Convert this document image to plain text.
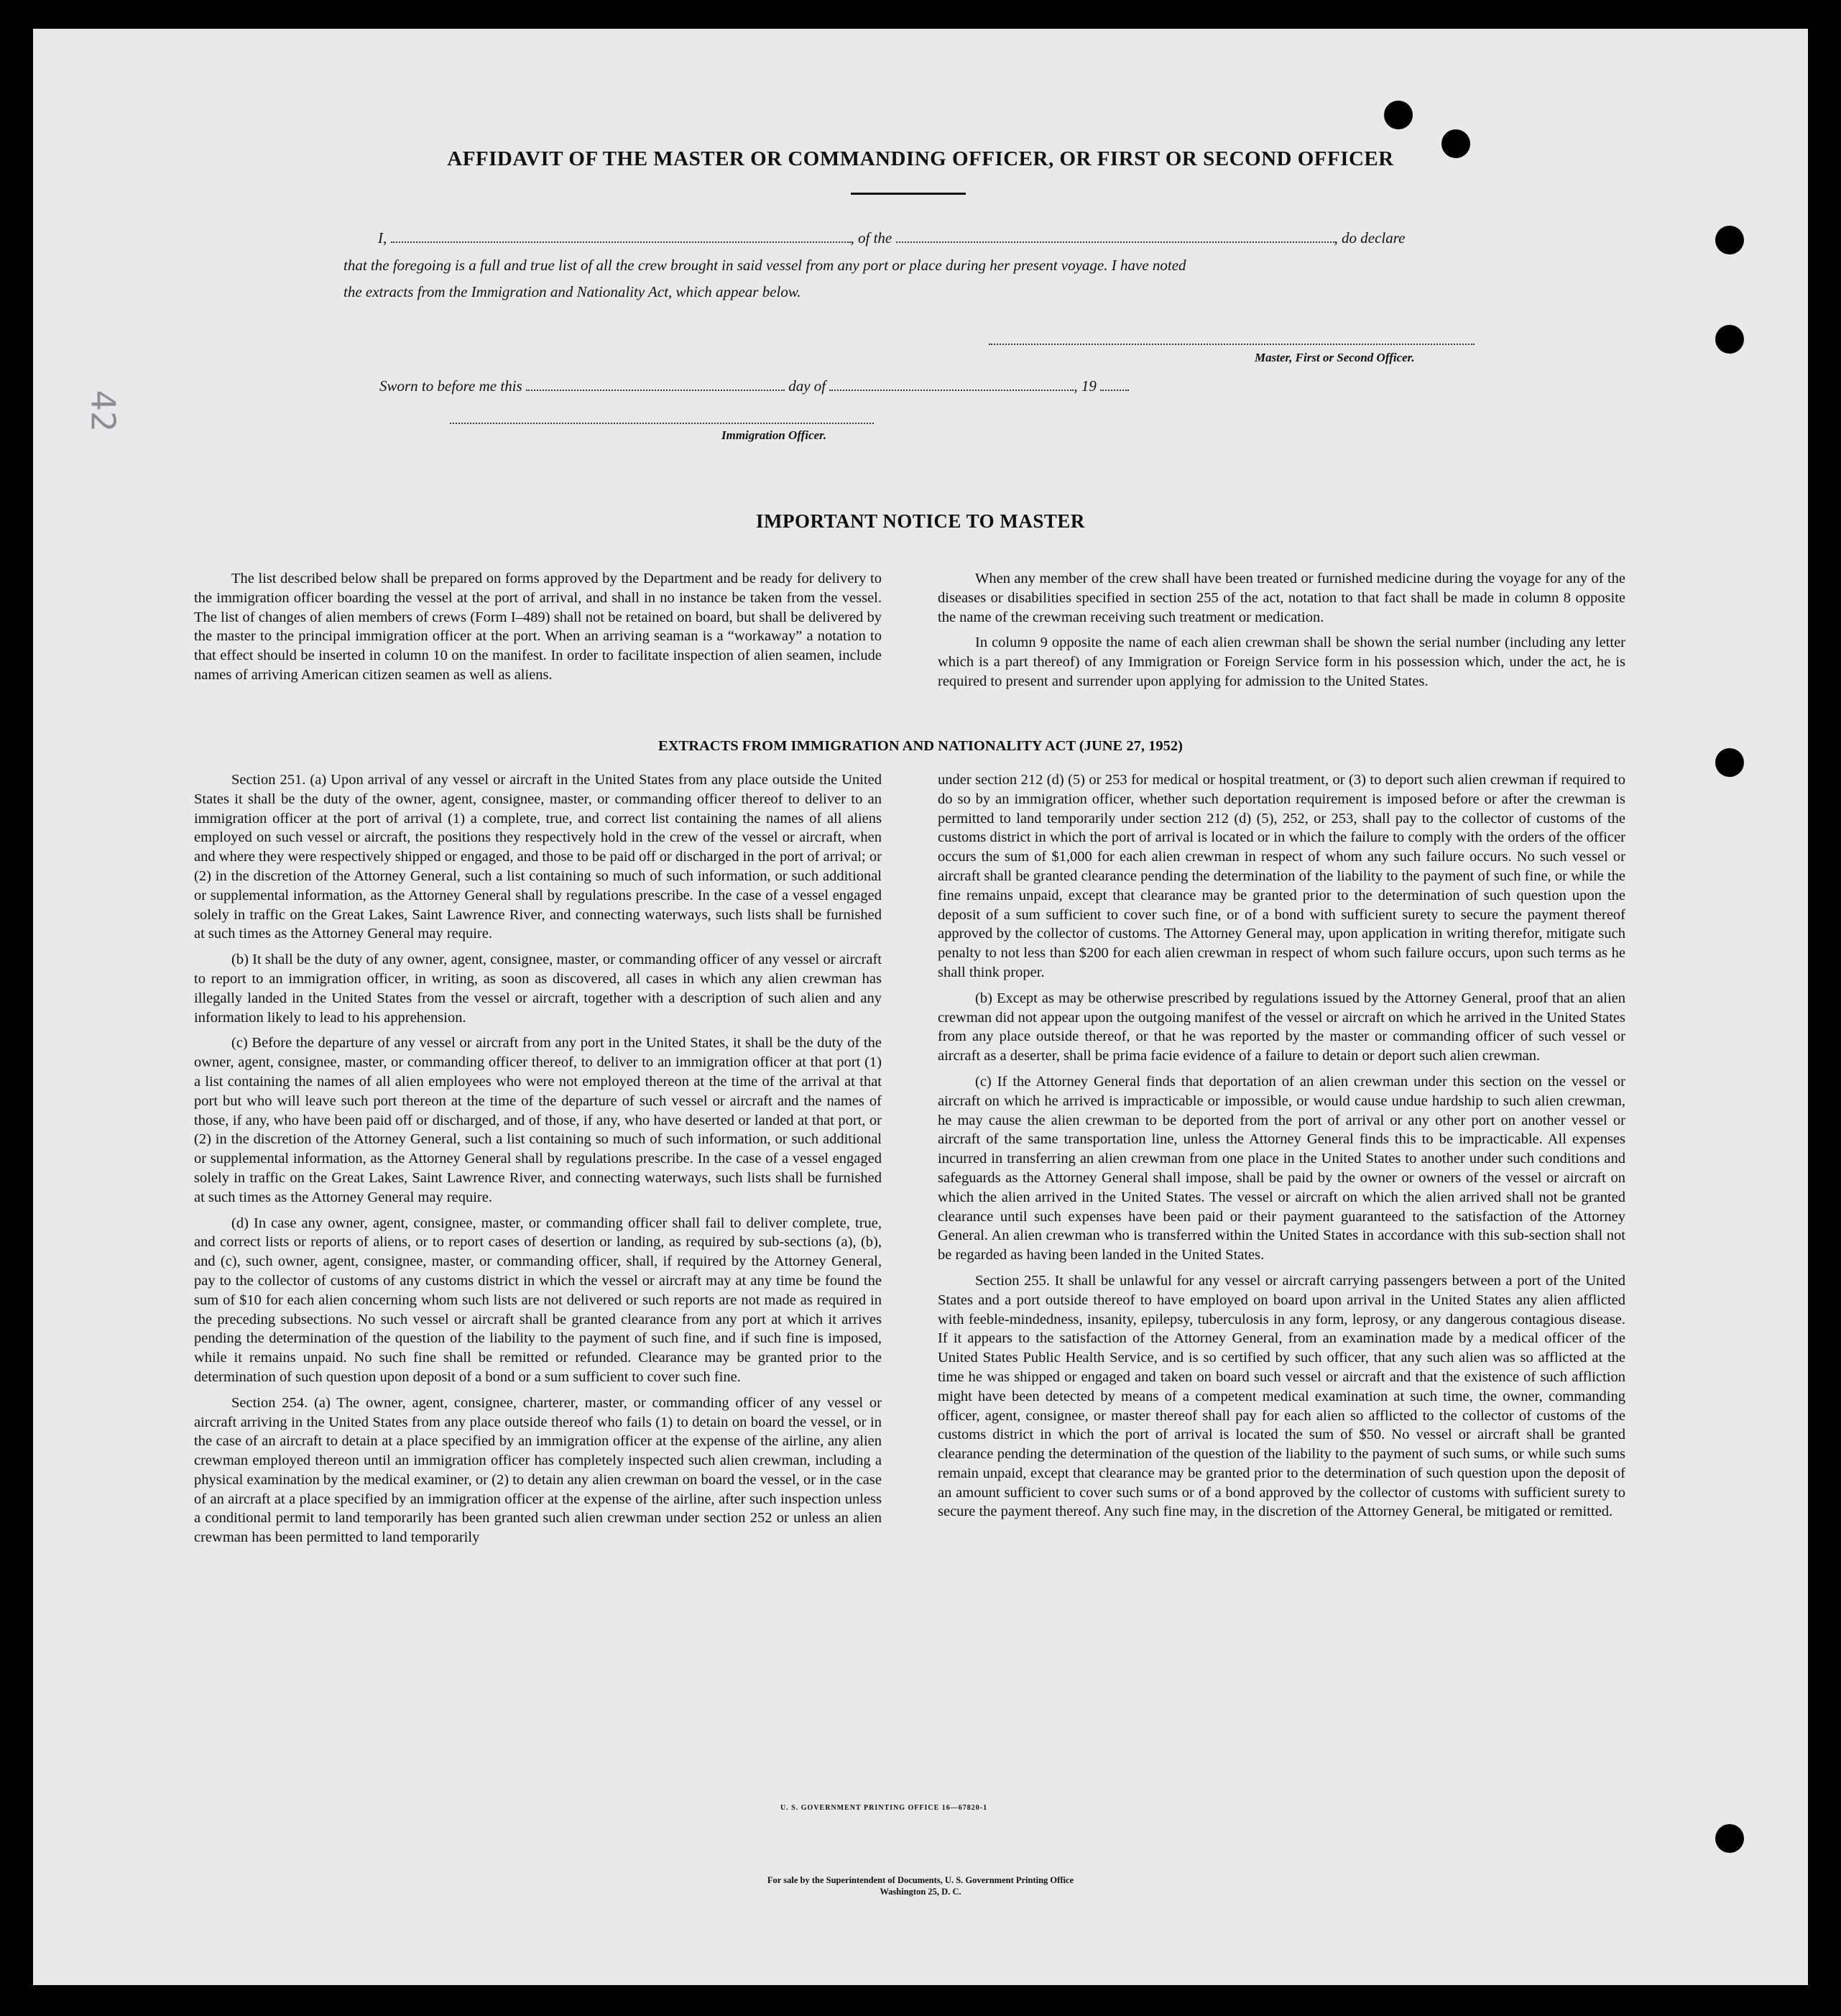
42
AFFIDAVIT OF THE MASTER OR COMMANDING OFFICER, OR FIRST OR SECOND OFFICER
I,	, of the	, do declare
that the foregoing is a full and true list of all the crew brought in said vessel from any port or place during her present voyage. I have noted
the extracts from the Immigration and Nationality Act, which appear below.
Master, First or Second Officer.
Sworn to before me this	day of	, 19
Immigration Officer.
IMPORTANT NOTICE TO MASTER

The list described below shall be prepared on forms approved by the Department and be ready for delivery to the immigration officer boarding the vessel at the port of arrival, and shall in no instance be taken from the vessel. The list of changes of alien members of crews (Form I–489) shall not be retained on board, but shall be delivered by the master to the principal immigration officer at the port. When an arriving seaman is a “workaway” a notation to that effect should be inserted in column 10 on the manifest. In order to facilitate inspection of alien seamen, include names of arriving American citizen seamen as well as aliens.

When any member of the crew shall have been treated or furnished medicine during the voyage for any of the diseases or disabilities specified in section 255 of the act, notation to that fact shall be made in column 8 opposite the name of the crewman receiving such treatment or medication.

In column 9 opposite the name of each alien crewman shall be shown the serial number (including any letter which is a part thereof) of any Immigration or Foreign Service form in his possession which, under the act, he is required to present and surrender upon applying for admission to the United States.

EXTRACTS FROM IMMIGRATION AND NATIONALITY ACT (JUNE 27, 1952)

Section 251. (a) Upon arrival of any vessel or aircraft in the United States from any place outside the United States it shall be the duty of the owner, agent, consignee, master, or commanding officer thereof to deliver to an immigration officer at the port of arrival (1) a complete, true, and correct list containing the names of all aliens employed on such vessel or aircraft, the positions they respectively hold in the crew of the vessel or aircraft, when and where they were respectively shipped or engaged, and those to be paid off or discharged in the port of arrival; or (2) in the discretion of the Attorney General, such a list containing so much of such information, or such additional or supplemental information, as the Attorney General shall by regulations prescribe. In the case of a vessel engaged solely in traffic on the Great Lakes, Saint Lawrence River, and connecting waterways, such lists shall be furnished at such times as the Attorney General may require.

(b) It shall be the duty of any owner, agent, consignee, master, or commanding officer of any vessel or aircraft to report to an immigration officer, in writing, as soon as discovered, all cases in which any alien crewman has illegally landed in the United States from the vessel or aircraft, together with a description of such alien and any information likely to lead to his apprehension.

(c) Before the departure of any vessel or aircraft from any port in the United States, it shall be the duty of the owner, agent, consignee, master, or commanding officer thereof, to deliver to an immigration officer at that port (1) a list containing the names of all alien employees who were not employed thereon at the time of the arrival at that port but who will leave such port thereon at the time of the departure of such vessel or aircraft and the names of those, if any, who have been paid off or discharged, and of those, if any, who have deserted or landed at that port, or (2) in the discretion of the Attorney General, such a list containing so much of such information, or such additional or supplemental information, as the Attorney General shall by regulations prescribe. In the case of a vessel engaged solely in traffic on the Great Lakes, Saint Lawrence River, and connecting waterways, such lists shall be furnished at such times as the Attorney General may require.

(d) In case any owner, agent, consignee, master, or commanding officer shall fail to deliver complete, true, and correct lists or reports of aliens, or to report cases of desertion or landing, as required by sub-sections (a), (b), and (c), such owner, agent, consignee, master, or commanding officer, shall, if required by the Attorney General, pay to the collector of customs of any customs district in which the vessel or aircraft may at any time be found the sum of $10 for each alien concerning whom such lists are not delivered or such reports are not made as required in the preceding subsections. No such vessel or aircraft shall be granted clearance from any port at which it arrives pending the determination of the question of the liability to the payment of such fine, and if such fine is imposed, while it remains unpaid. No such fine shall be remitted or refunded. Clearance may be granted prior to the determination of such question upon deposit of a bond or a sum sufficient to cover such fine.

Section 254. (a) The owner, agent, consignee, charterer, master, or commanding officer of any vessel or aircraft arriving in the United States from any place outside thereof who fails (1) to detain on board the vessel, or in the case of an aircraft to detain at a place specified by an immigration officer at the expense of the airline, any alien crewman employed thereon until an immigration officer has completely inspected such alien crewman, including a physical examination by the medical examiner, or (2) to detain any alien crewman on board the vessel, or in the case of an aircraft at a place specified by an immigration officer at the expense of the airline, after such inspection unless a conditional permit to land temporarily has been granted such alien crewman under section 252 or unless an alien crewman has been permitted to land temporarily

under section 212 (d) (5) or 253 for medical or hospital treatment, or (3) to deport such alien crewman if required to do so by an immigration officer, whether such deportation requirement is imposed before or after the crewman is permitted to land temporarily under section 212 (d) (5), 252, or 253, shall pay to the collector of customs of the customs district in which the port of arrival is located or in which the failure to comply with the orders of the officer occurs the sum of $1,000 for each alien crewman in respect of whom any such failure occurs. No such vessel or aircraft shall be granted clearance pending the determination of the liability to the payment of such fine, or while the fine remains unpaid, except that clearance may be granted prior to the determination of such question upon the deposit of a sum sufficient to cover such fine, or of a bond with sufficient surety to secure the payment thereof approved by the collector of customs. The Attorney General may, upon application in writing therefor, mitigate such penalty to not less than $200 for each alien crewman in respect of whom such failure occurs, upon such terms as he shall think proper.

(b) Except as may be otherwise prescribed by regulations issued by the Attorney General, proof that an alien crewman did not appear upon the outgoing manifest of the vessel or aircraft on which he arrived in the United States from any place outside thereof, or that he was reported by the master or commanding officer of such vessel or aircraft as a deserter, shall be prima facie evidence of a failure to detain or deport such alien crewman.

(c) If the Attorney General finds that deportation of an alien crewman under this section on the vessel or aircraft on which he arrived is impracticable or impossible, or would cause undue hardship to such alien crewman, he may cause the alien crewman to be deported from the port of arrival or any other port on another vessel or aircraft of the same transportation line, unless the Attorney General finds this to be impracticable. All expenses incurred in transferring an alien crewman from one place in the United States to another under such conditions and safeguards as the Attorney General shall impose, shall be paid by the owner or owners of the vessel or aircraft on which the alien arrived in the United States. The vessel or aircraft on which the alien arrived shall not be granted clearance until such expenses have been paid or their payment guaranteed to the satisfaction of the Attorney General. An alien crewman who is transferred within the United States in accordance with this sub-section shall not be regarded as having been landed in the United States.

Section 255. It shall be unlawful for any vessel or aircraft carrying passengers between a port of the United States and a port outside thereof to have employed on board upon arrival in the United States any alien afflicted with feeble-mindedness, insanity, epilepsy, tuberculosis in any form, leprosy, or any dangerous contagious disease. If it appears to the satisfaction of the Attorney General, from an examination made by a medical officer of the United States Public Health Service, and is so certified by such officer, that any such alien was so afflicted at the time he was shipped or engaged and taken on board such vessel or aircraft and that the existence of such affliction might have been detected by means of a competent medical examination at such time, the owner, commanding officer, agent, consignee, or master thereof shall pay for each alien so afflicted to the collector of customs of the customs district in which the port of arrival is located the sum of $50. No vessel or aircraft shall be granted clearance pending the determination of the question of the liability to the payment of such sums, or while such sums remain unpaid, except that clearance may be granted prior to the determination of such question upon the deposit of an amount sufficient to cover such sums or of a bond approved by the collector of customs with sufficient surety to secure the payment thereof. Any such fine may, in the discretion of the Attorney General, be mitigated or remitted.

U. S. GOVERNMENT PRINTING OFFICE 16—67820-1
For sale by the Superintendent of Documents, U. S. Government Printing Office
Washington 25, D. C.
